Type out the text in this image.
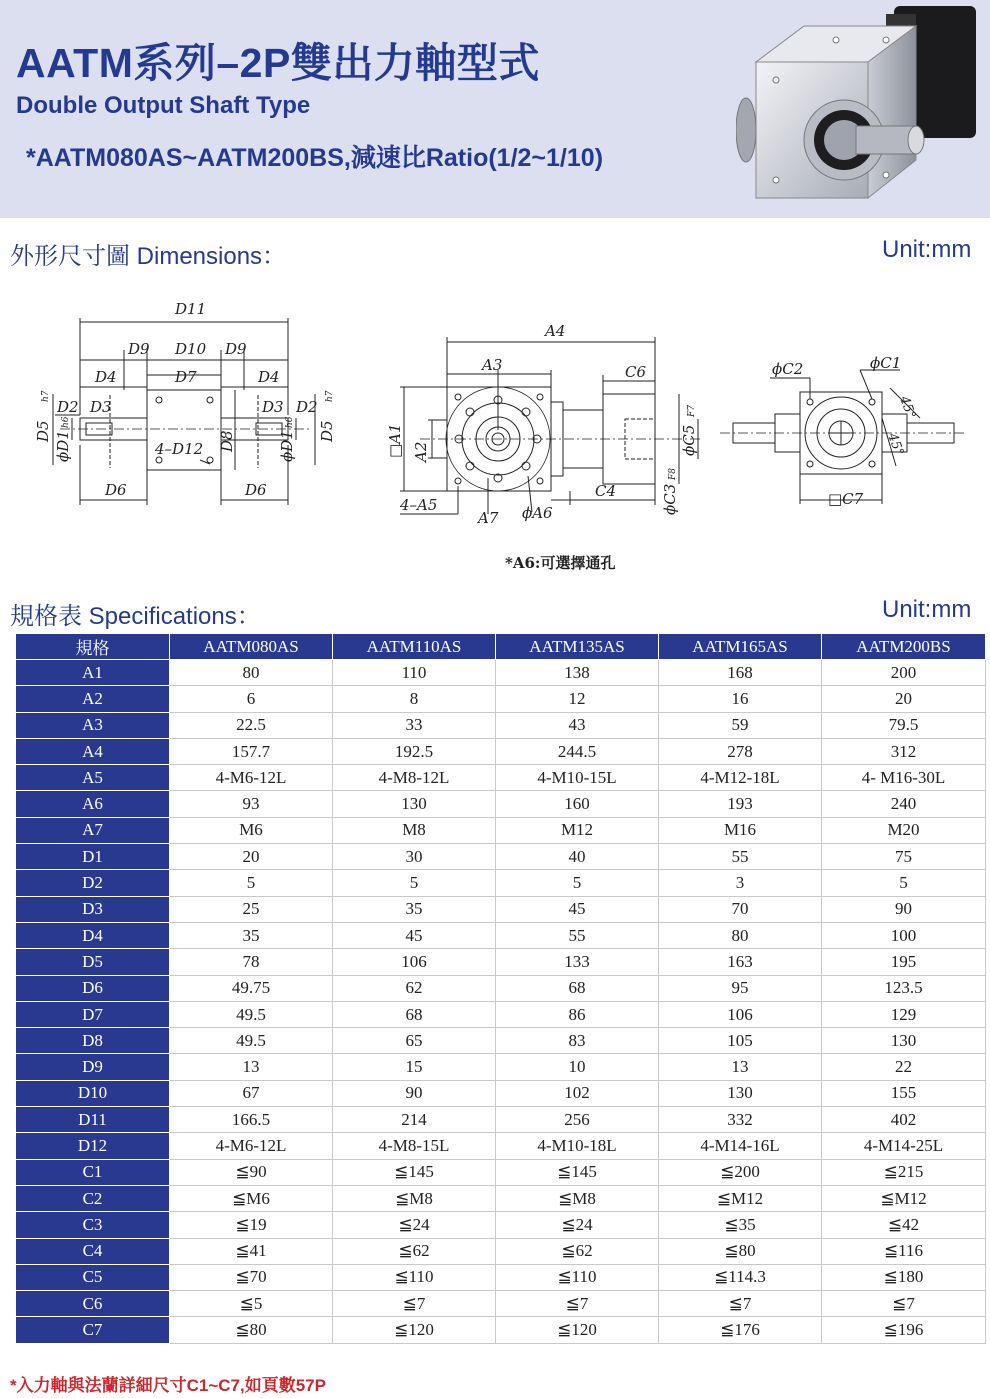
AATM系列–2P雙出力軸型式
Double Output Shaft Type
*AATM080AS~AATM200BS,減速比Ratio(1/2~1/10)
外形尺寸圖 Dimensions：	Unit:mm
D11
D9 D10 D9
D4	D7	D4
D2 D3	D3 D2
4–D12
D6	D6
D5
h7
ϕD1
h6
D8	ϕD1
h6 D5
h7
A4
A3	C6
□A1 A2
4–A5
A7 ϕA6
C4
ϕC5
F7
ϕC3
F8
ϕC2	ϕC1
□C7
45°
45°
*A6:可選擇通孔
規格表 Specifications：	Unit:mm
規格	AATM080AS	AATM110AS	AATM135AS	AATM165AS	AATM200BS
A1	80	110	138	168	200
A2	6	8	12	16	20
A3	22.5	33	43	59	79.5
A4	157.7	192.5	244.5	278	312
A5	4-M6-12L	4-M8-12L	4-M10-15L	4-M12-18L	4- M16-30L
A6	93	130	160	193	240
A7	M6	M8	M12	M16	M20
D1	20	30	40	55	75
D2	5	5	5	3	5
D3	25	35	45	70	90
D4	35	45	55	80	100
D5	78	106	133	163	195
D6	49.75	62	68	95	123.5
D7	49.5	68	86	106	129
D8	49.5	65	83	105	130
D9	13	15	10	13	22
D10	67	90	102	130	155
D11	166.5	214	256	332	402
D12	4-M6-12L	4-M8-15L	4-M10-18L	4-M14-16L	4-M14-25L
C1	≦90	≦145	≦145	≦200	≦215
C2	≦M6	≦M8	≦M8	≦M12	≦M12
C3	≦19	≦24	≦24	≦35	≦42
C4	≦41	≦62	≦62	≦80	≦116
C5	≦70	≦110	≦110	≦114.3	≦180
C6	≦5	≦7	≦7	≦7	≦7
C7	≦80	≦120	≦120	≦176	≦196
*入力軸與法蘭詳細尺寸C1~C7,如頁數57P
